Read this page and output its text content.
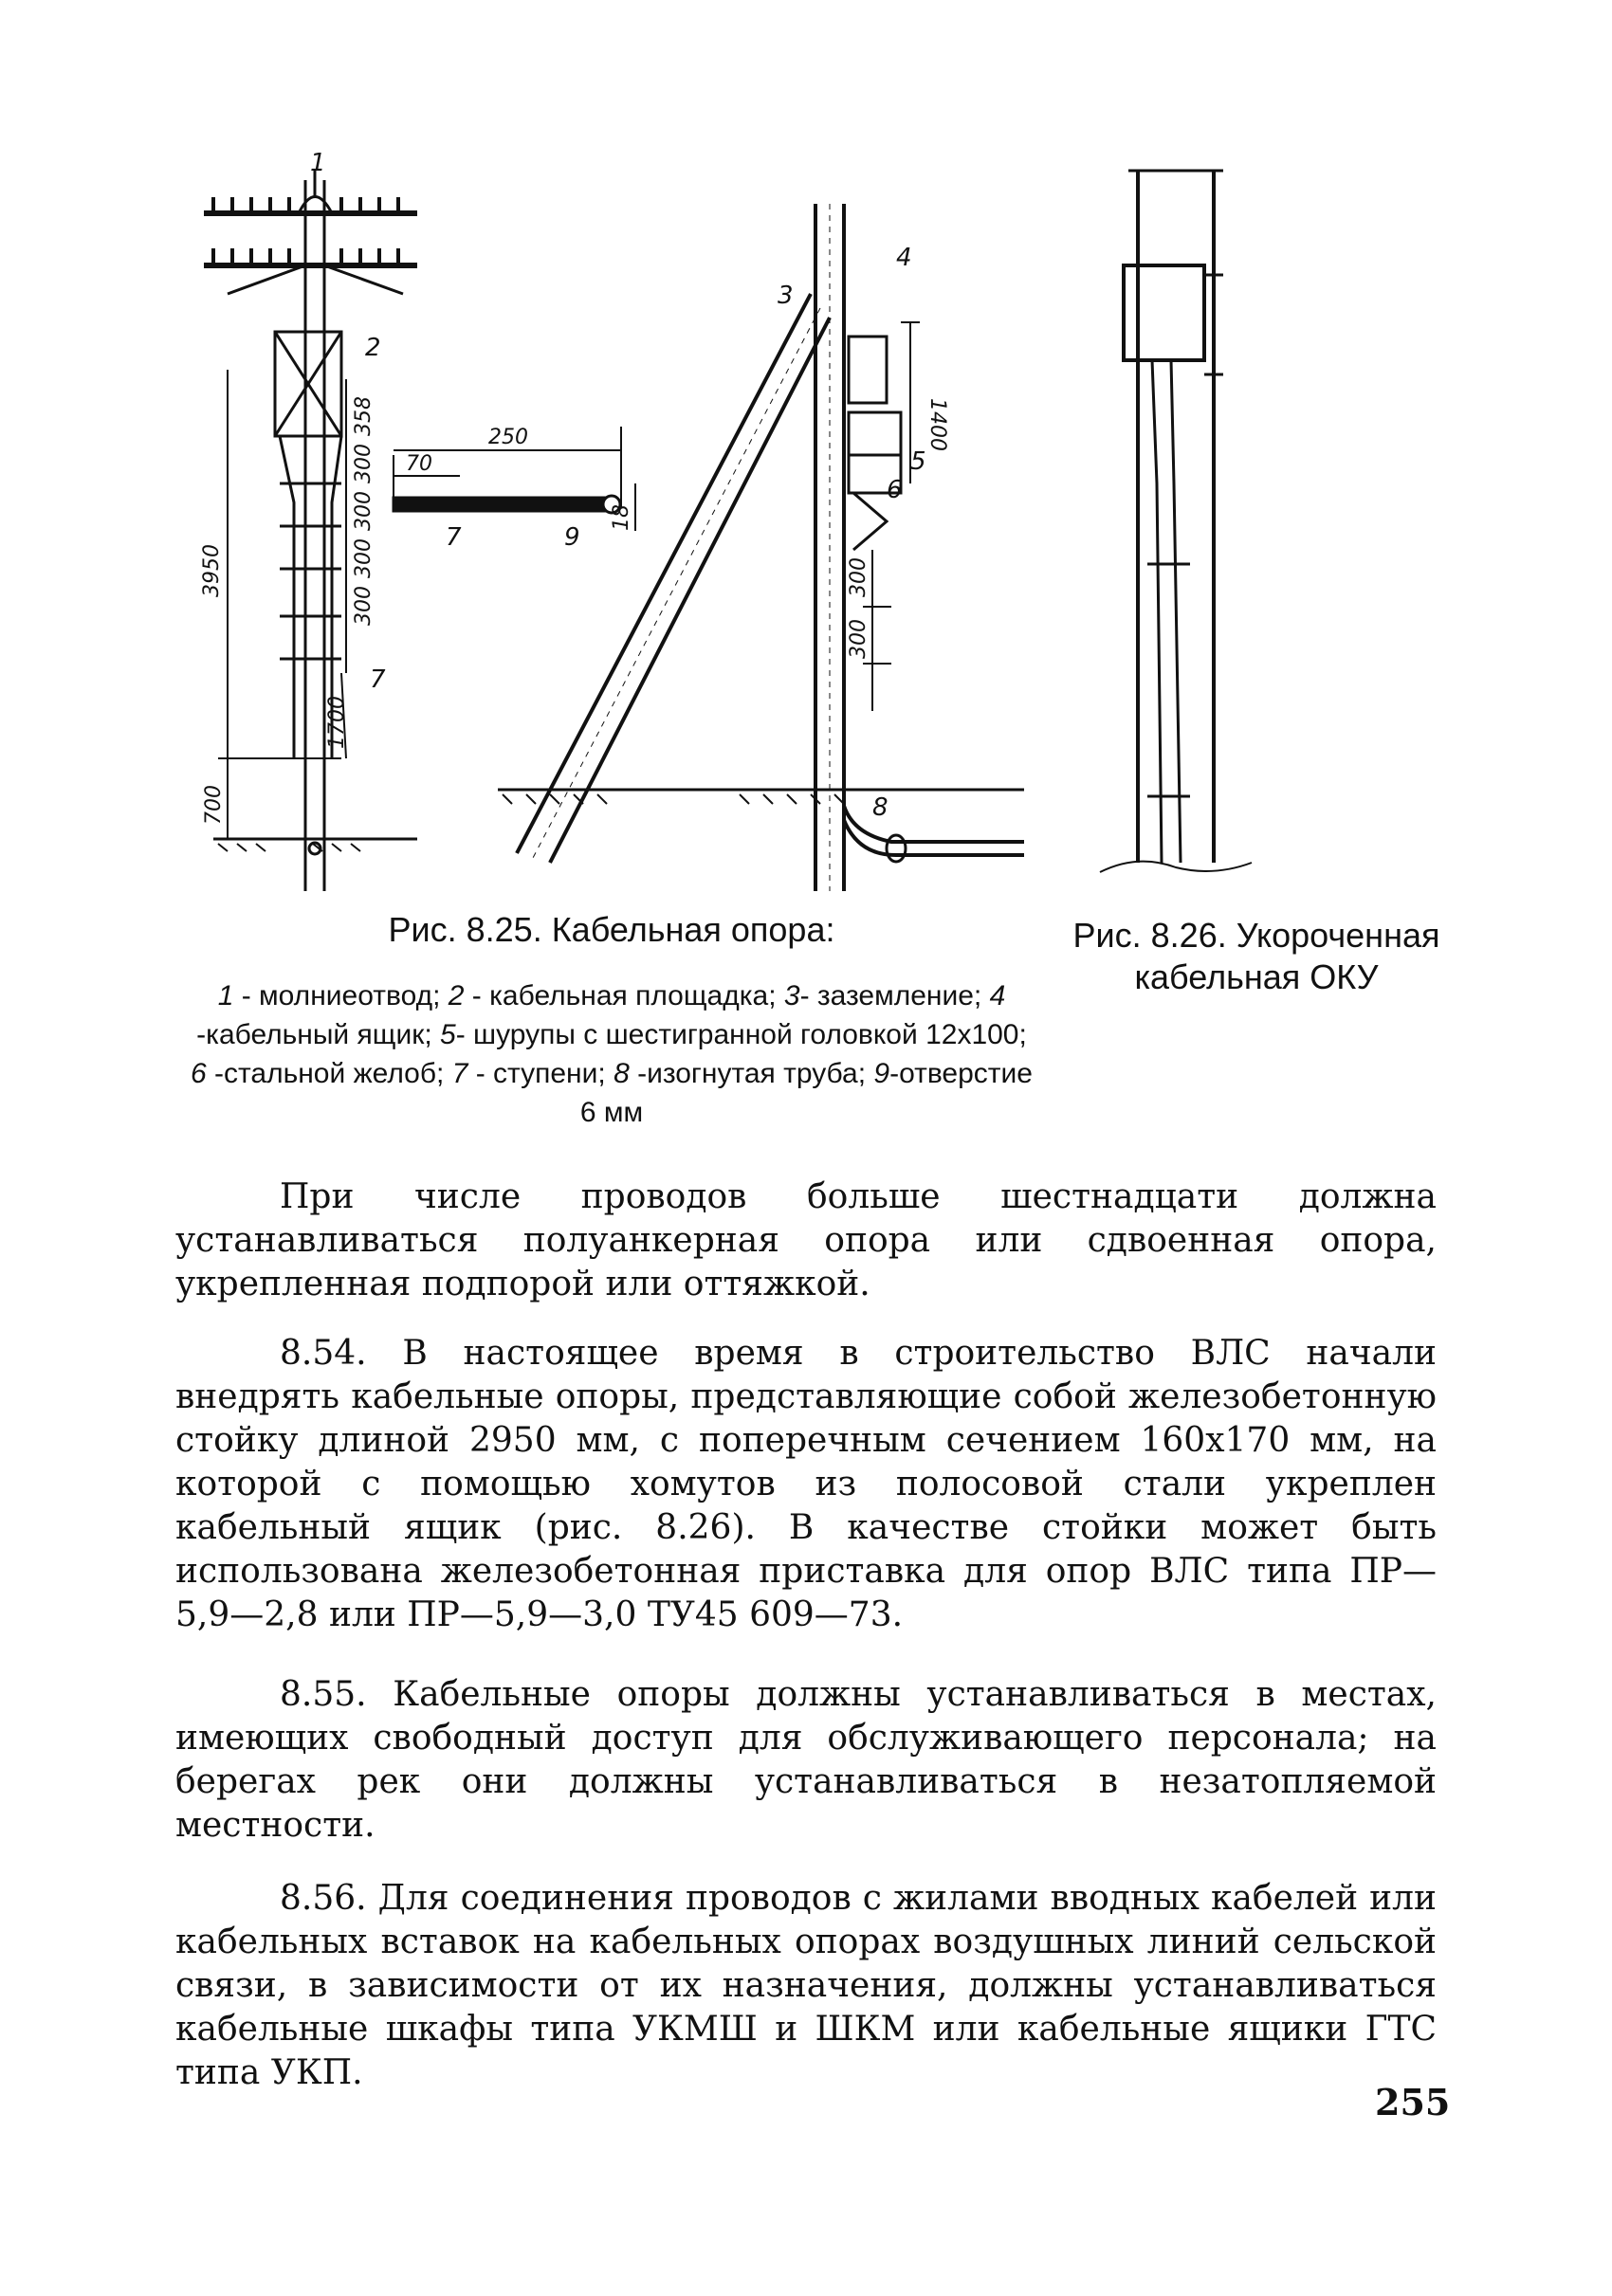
1
2
3
4
5
6
7
7
8
9
3950
700
1700
358
300
300
300
300
250
70
18
1400
300
300
Рис. 8.25. Кабельная опора:
1 - молниеотвод; 2 - кабельная площадка; 3- заземление; 4 -кабельный ящик; 5- шурупы с шестигранной головкой 12х100; 6 -стальной желоб; 7 - ступени; 8 -изогнутая труба; 9-отверстие 6 мм
Рис. 8.26. Укороченная кабельная ОКУ

При числе проводов больше шестнадцати должна устанавливаться полуанкерная опора или сдвоенная опора, укрепленная подпорой или оттяжкой.

8.54. В настоящее время в строительство ВЛС начали внедрять кабельные опоры, представляющие собой железобетонную стойку длиной 2950 мм, с поперечным сечением 160х170 мм, на которой с помощью хомутов из полосовой стали укреплен кабельный ящик (рис. 8.26). В качестве стойки может быть использована железобетонная приставка для опор ВЛС типа ПР—5,9—2,8 или ПР—5,9—3,0 ТУ45 609—73.

8.55. Кабельные опоры должны устанавливаться в местах, имеющих свободный доступ для обслуживающего персонала; на берегах рек они должны устанавливаться в незатопляемой местности.

8.56. Для соединения проводов с жилами вводных кабелей или кабельных вставок на кабельных опорах воздушных линий сельской связи, в зависимости от их назначения, должны устанавливаться кабельные шкафы типа УКМШ и ШКМ или кабельные ящики ГТС типа УКП.

255
